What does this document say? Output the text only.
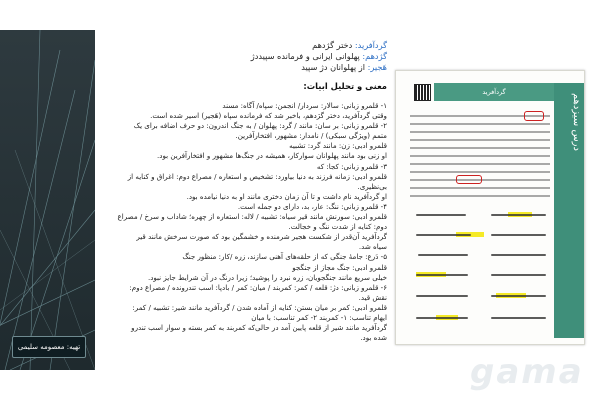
تهیه: معصومه سلیمی
گردآفرید: دختر گژدهم
گژدهم: پهلوانی ایرانی و فرمانده سپیددژ
هَجیر: از پهلوانان دژ سپید
معنی و تحلیل ابیات:

۱- قلمرو زبانی: سالار: سردار/ انجمن: سپاه/ آگاه: مسند

وقتی گردآفرید، دختر گژدهم، باخبر شد که فرمانده سپاه (هَجیر) اسیر شده است.

۲- قلمرو زبانی: بر سان: مانند / گرد: پهلوان / به جنگ اندرون: دو حرف اضافه برای یک

متمم (ویژگی سبکی) / نامدار: مشهور، افتخارآفرین.

قلمرو ادبی: زن: مانند گرد: تشبیه

او زنی بود مانند پهلوانان سوارکار، همیشه در جنگ‌ها مشهور و افتخارآفرین بود.

۳- قلمرو زبانی: کجا: که

قلمرو ادبی: زمانه فرزند به دنیا بیاورد: تشخیص و استعاره / مصراع دوم: اغراق و کنایه از

بی‌نظیری.

او گردآفرید نام داشت و تا آن زمان دختری مانند او به دنیا نیامده بود.

۴- قلمرو زبانی: ننگ: عار، بد، دارای دو جمله است.

قلمرو ادبی: سورنش مانند قیر سیاه: تشبیه / لاله: استعاره از چهره؛ شاداب و سرخ / مصراع

دوم: کنایه از شدت ننگ و خجالت.

گردآفرید آن‌قدر از شکست هجیر شرمنده و خشمگین بود که صورت سرخش مانند قیر

سیاه شد.

۵- دَرع: جامهٔ جنگی که از حلقه‌های آهنی سازند، زره /کار: منظور جنگ

قلمرو ادبی: جنگ مجاز از جنگجو

خیلی سریع مانند جنگجویان، زره نبرد را پوشید؛ زیرا درنگ در آن شرایط جایز نبود.

۶- قلمرو زبانی: دژ: قلعه / کمر: کمربند / میان: کمر / بادپا: اسب تندرونده / مصراع دوم:

نقش قید.

قلمرو ادبی: کمر بر میان بستن: کنایه از آماده شدن / گردآفرید مانند شیر: تشبیه / کمر:

ایهام تناسب: ۱- کمربند ۲- کمر تناسب: با میان

گردآفرید مانند شیر از قلعه پایین آمد در حالی‌که کمربند به کمر بسته و سوار اسب تندرو

شده بود.

گردآفرید
درس سیزدهم
gama
